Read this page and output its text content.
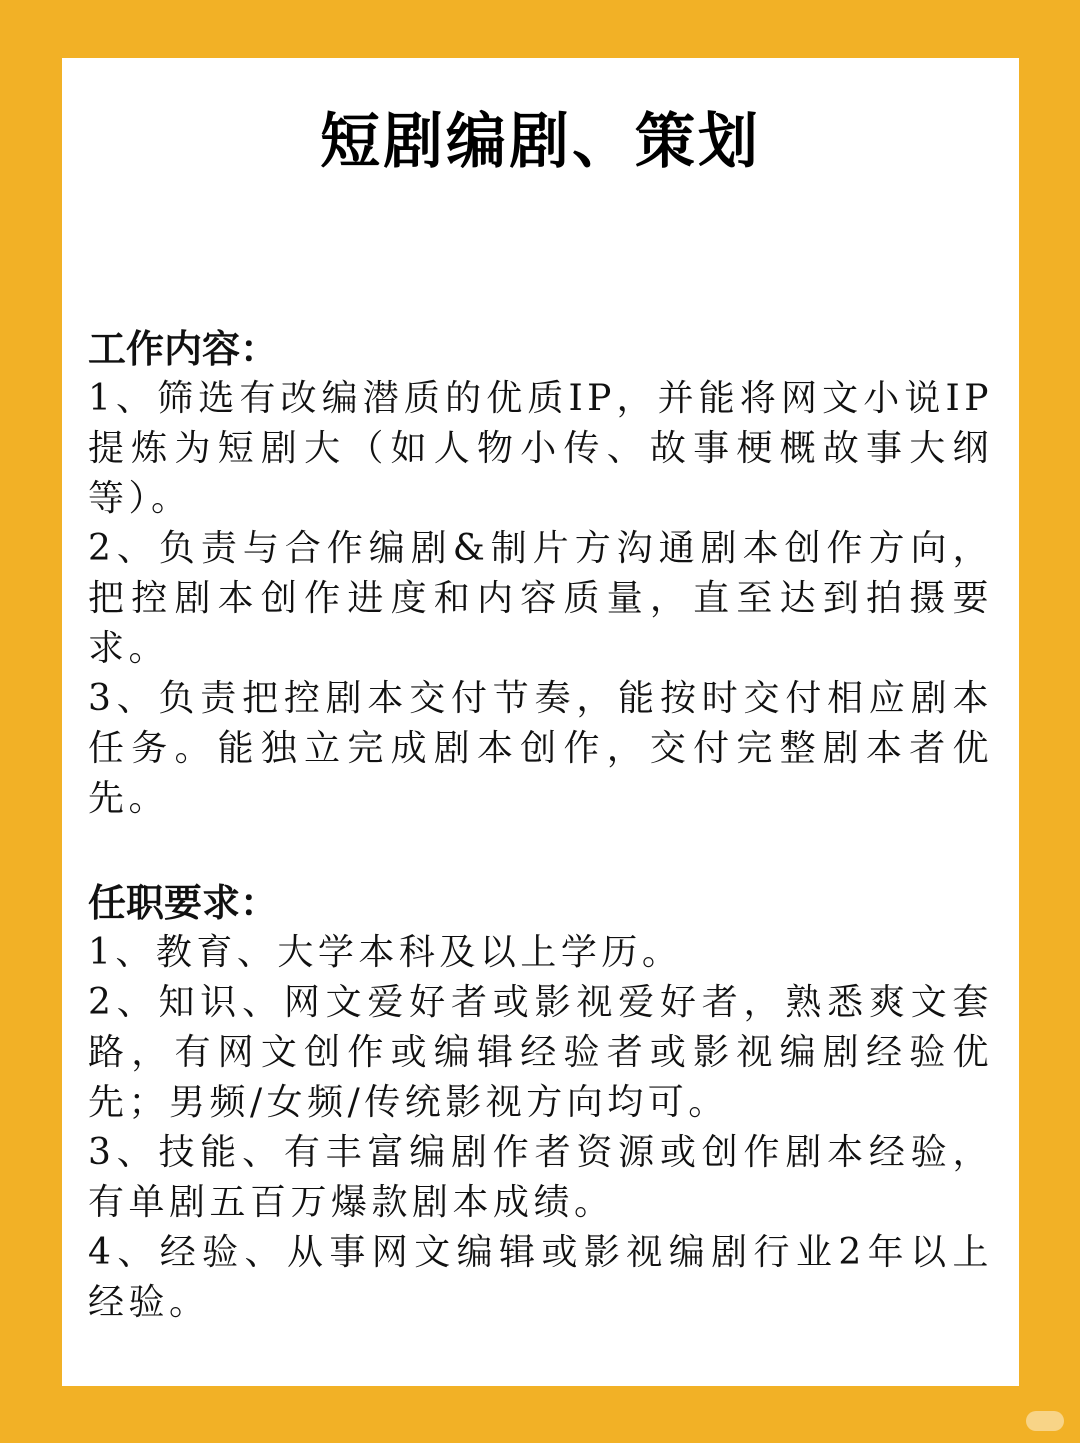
短剧编剧、策划

工作内容：

1、筛选有改编潜质的优质IP，并能将网文小说IP提炼为短剧大（如人物小传、故事梗概故事大纲等）。

2、负责与合作编剧&制片方沟通剧本创作方向，把控剧本创作进度和内容质量，直至达到拍摄要求。

3、负责把控剧本交付节奏，能按时交付相应剧本任务。能独立完成剧本创作，交付完整剧本者优先。

任职要求：

1、教育、大学本科及以上学历。

2、知识、网文爱好者或影视爱好者，熟悉爽文套路，有网文创作或编辑经验者或影视编剧经验优先；男频/女频/传统影视方向均可。

3、技能、有丰富编剧作者资源或创作剧本经验，有单剧五百万爆款剧本成绩。

4、经验、从事网文编辑或影视编剧行业2年以上经验。
